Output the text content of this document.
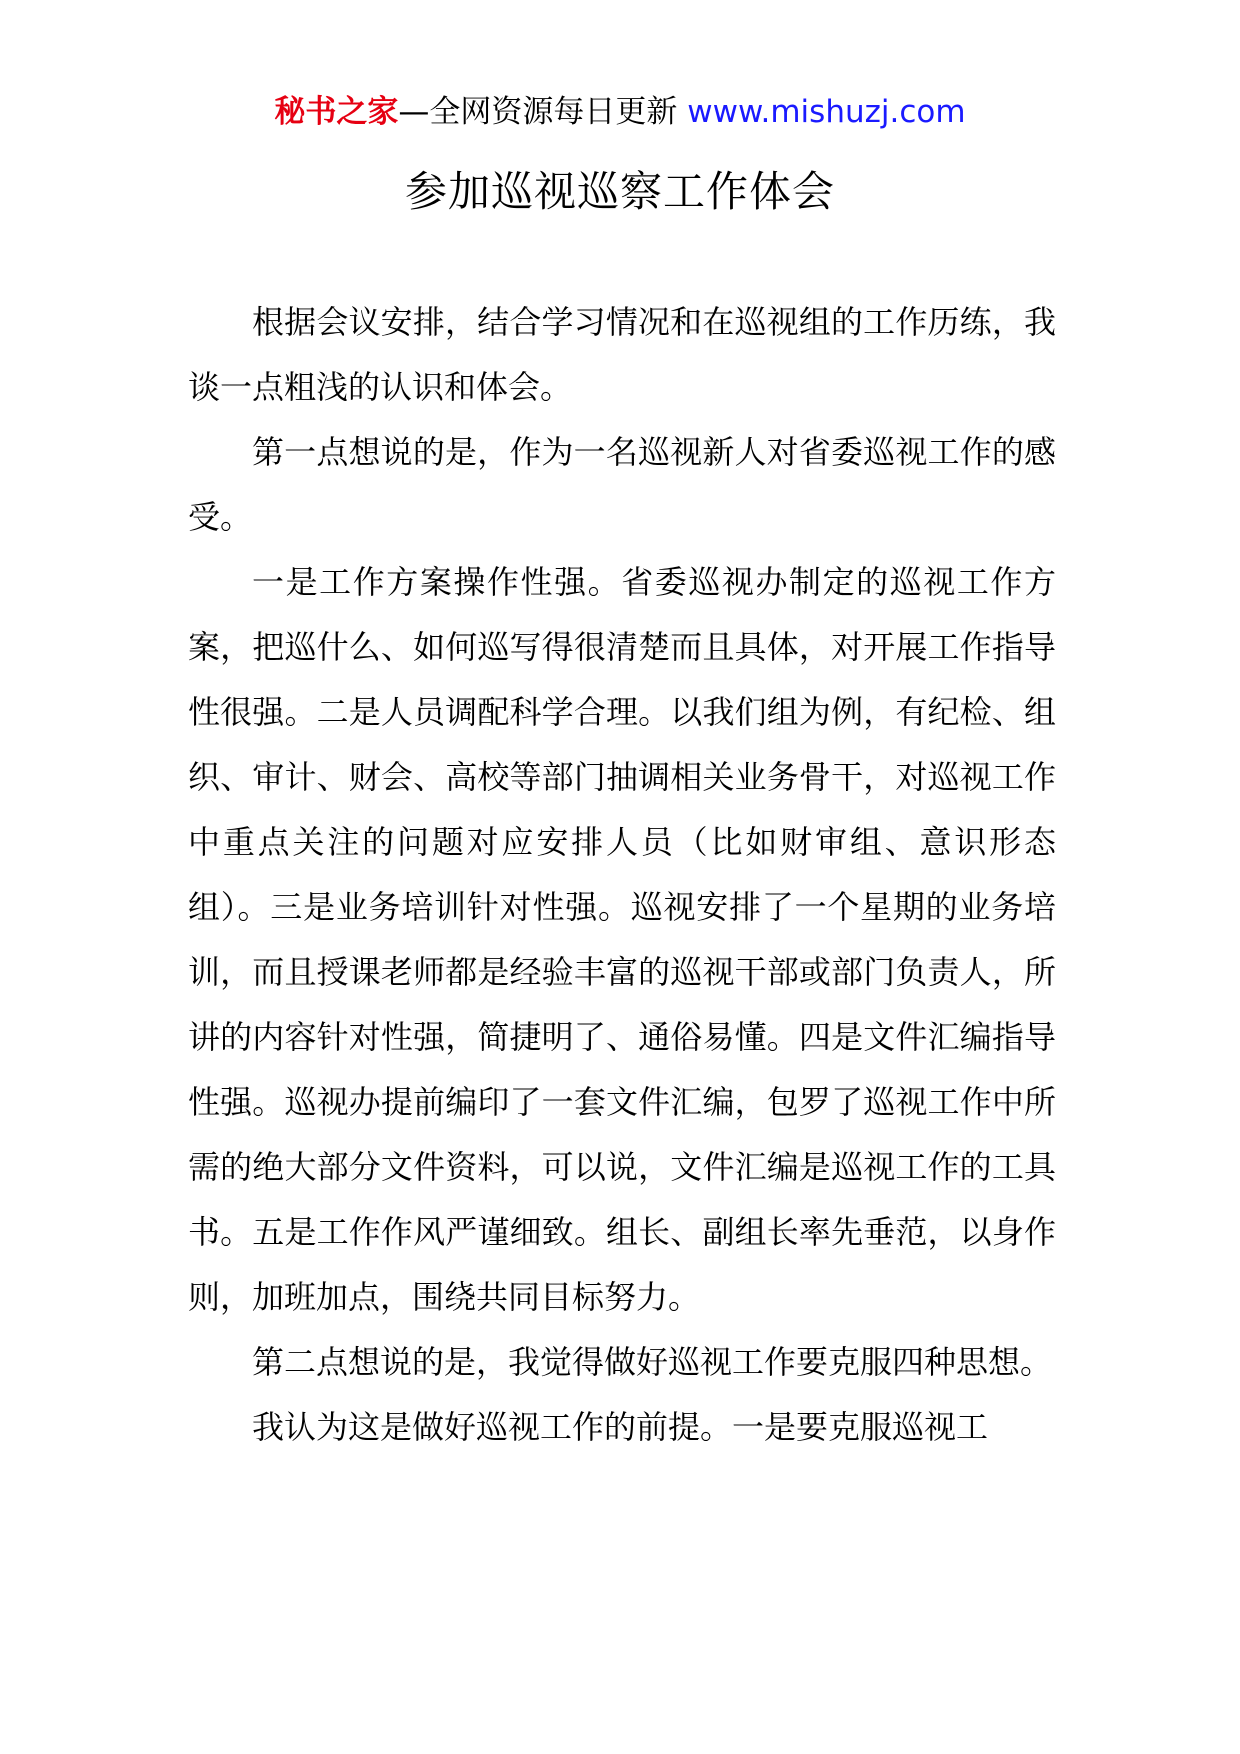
秘书之家—全网资源每日更新 www.mishuzj.com
参加巡视巡察工作体会

根据会议安排，结合学习情况和在巡视组的工作历练，我谈一点粗浅的认识和体会。

第一点想说的是，作为一名巡视新人对省委巡视工作的感受。

一是工作方案操作性强。省委巡视办制定的巡视工作方案，把巡什么、如何巡写得很清楚而且具体，对开展工作指导性很强。二是人员调配科学合理。以我们组为例，有纪检、组织、审计、财会、高校等部门抽调相关业务骨干，对巡视工作中重点关注的问题对应安排人员（比如财审组、意识形态组）。三是业务培训针对性强。巡视安排了一个星期的业务培训，而且授课老师都是经验丰富的巡视干部或部门负责人，所讲的内容针对性强，简捷明了、通俗易懂。四是文件汇编指导性强。巡视办提前编印了一套文件汇编，包罗了巡视工作中所需的绝大部分文件资料，可以说，文件汇编是巡视工作的工具书。五是工作作风严谨细致。组长、副组长率先垂范，以身作则，加班加点，围绕共同目标努力。

第二点想说的是，我觉得做好巡视工作要克服四种思想。

我认为这是做好巡视工作的前提。一是要克服巡视工
